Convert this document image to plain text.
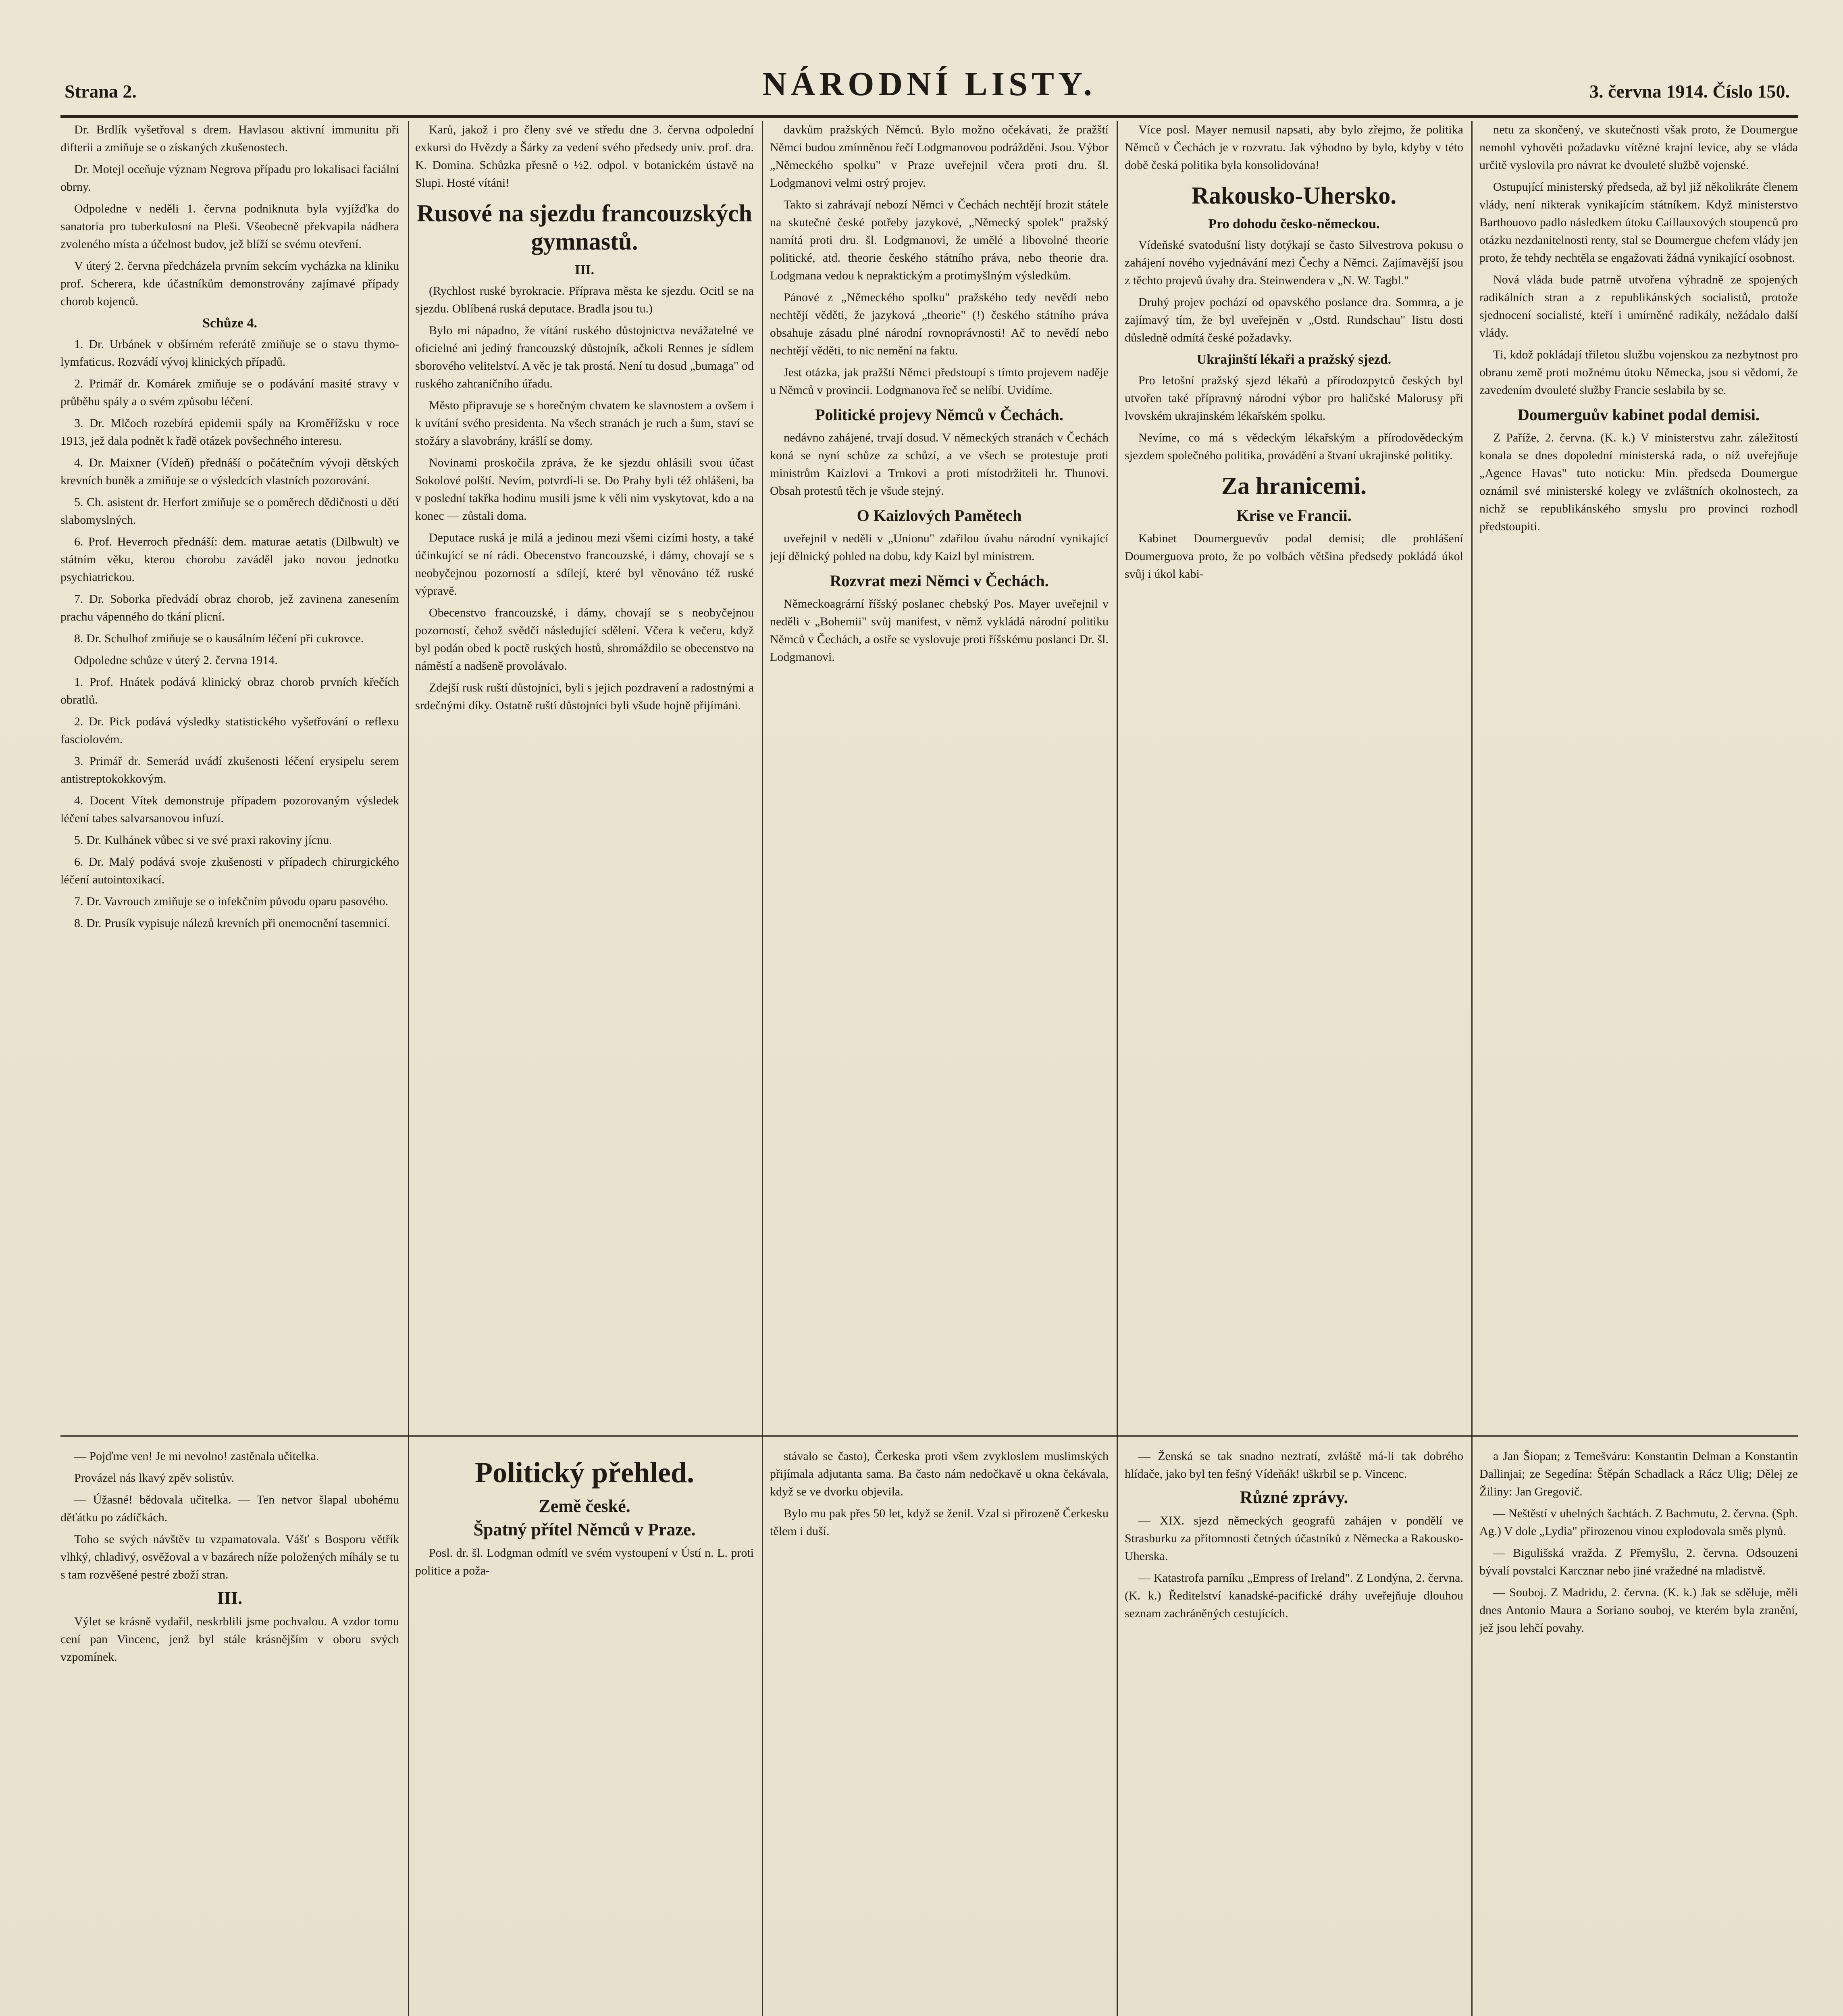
Strana 2.	NÁRODNÍ LISTY.	3. června 1914. Číslo 150.

Dr. Brdlík vyšetřoval s drem. Havlasou aktivní immunitu při difterii a zmiňuje se o získaných zkušenostech.

Dr. Motejl oceňuje význam Negrova případu pro lokalisaci faciální obrny.

Odpoledne v neděli 1. června podniknuta byla vyjížďka do sanatoria pro tuberkulosní na Pleši. Všeobecně překvapila nádhera zvoleného místa a účelnost budov, jež blíží se svému otevření.

V úterý 2. června předcházela prvním sekcím vycházka na kliniku prof. Scherera, kde účastníkům demonstrovány zajímavé případy chorob kojenců.

Schůze 4.

1. Dr. Urbánek v obšírném referátě zmiňuje se o stavu thymo-lymfaticus. Rozvádí vývoj klinických případů.

2. Primář dr. Komárek zmiňuje se o podávání masité stravy v průběhu spály a o svém způsobu léčení.

3. Dr. Mlčoch rozebírá epidemii spály na Kroměřížsku v roce 1913, jež dala podnět k řadě otázek povšechného interesu.

4. Dr. Maixner (Vídeň) přednáší o počátečním vývoji dětských krevních buněk a zmiňuje se o výsledcích vlastních pozorování.

5. Ch. asistent dr. Herfort zmiňuje se o poměrech dědičnosti u dětí slabomyslných.

6. Prof. Heverroch přednáší: dem. maturae aetatis (Dilbwult) ve státním věku, kterou chorobu zaváděl jako novou jednotku psychiatrickou.

7. Dr. Soborka předvádí obraz chorob, jež zavinena zanesením prachu vápenného do tkání plicní.

8. Dr. Schulhof zmiňuje se o kausálním léčení při cukrovce.

Odpoledne schůze v úterý 2. června 1914.

1. Prof. Hnátek podává klinický obraz chorob prvních křečích obratlů.

2. Dr. Pick podává výsledky statistického vyšetřování o reflexu fasciolovém.

3. Primář dr. Semerád uvádí zkušenosti léčení erysipelu serem antistreptokokkovým.

4. Docent Vítek demonstruje případem pozorovaným výsledek léčení tabes salvarsanovou infuzí.

5. Dr. Kulhánek vůbec si ve své praxi rakoviny jícnu.

6. Dr. Malý podává svoje zkušenosti v případech chirurgického léčení autointoxikací.

7. Dr. Vavrouch zmiňuje se o infekčním původu oparu pasového.

8. Dr. Prusík vypisuje nálezů krevních při onemocnění tasemnicí.

Karů, jakož i pro členy své ve středu dne 3. června odpolední exkursi do Hvězdy a Šárky za vedení svého předsedy univ. prof. dra. K. Domina. Schůzka přesně o ½2. odpol. v botanickém ústavě na Slupi. Hosté vítáni!

Rusové na sjezdu francouzských gymnastů.
III.

(Rychlost ruské byrokracie. Příprava města ke sjezdu. Ocitl se na sjezdu. Oblíbená ruská deputace. Bradla jsou tu.)

Bylo mi nápadno, že vítání ruského důstojnictva nevážatelné ve oficielné ani jediný francouzský důstojník, ačkoli Rennes je sídlem sborového velitelství. A věc je tak prostá. Není tu dosud „bumaga" od ruského zahraničního úřadu.

Město připravuje se s horečným chvatem ke slavnostem a ovšem i k uvítání svého presidenta. Na všech stranách je ruch a šum, staví se stožáry a slavobrány, krášlí se domy.

Novinami proskočila zpráva, že ke sjezdu ohlásili svou účast Sokolové polští. Nevím, potvrdí-li se. Do Prahy byli též ohlášeni, ba v poslední takřka hodinu musili jsme k věli nim vyskytovat, kdo a na konec — zůstali doma.

Deputace ruská je milá a jedinou mezi všemi cizími hosty, a také účinkující se ní rádi. Obecenstvo francouzské, i dámy, chovají se s neobyčejnou pozorností a sdílejí, které byl věnováno též ruské výpravě.

Obecenstvo francouzské, i dámy, chovají se s neobyčejnou pozorností, čehož svědčí následující sdělení. Včera k večeru, když byl podán obed k poctě ruských hostů, shromáždilo se obecenstvo na náměstí a nadšeně provolávalo.

Zdejší rusk ruští důstojníci, byli s jejich pozdravení a radostnými a srdečnými díky. Ostatně ruští důstojníci byli všude hojně přijímáni.

davkům pražských Němců. Bylo možno očekávati, že pražští Němci budou zmínněnou řečí Lodgmanovou podrážděni. Jsou. Výbor „Německého spolku" v Praze uveřejnil včera proti dru. šl. Lodgmanovi velmi ostrý projev.

Takto si zahrávají nebozí Němci v Čechách nechtějí hrozit státele na skutečné české potřeby jazykové, „Německý spolek" pražský namítá proti dru. šl. Lodgmanovi, že umělé a libovolné theorie politické, atd. theorie českého státního práva, nebo theorie dra. Lodgmana vedou k nepraktickým a protimyšlným výsledkům.

Pánové z „Německého spolku" pražského tedy nevědí nebo nechtějí věděti, že jazyková „theorie" (!) českého státního práva obsahuje zásadu plné národní rovnoprávnosti! Ač to nevědí nebo nechtějí věděti, to nic nemění na faktu.

Jest otázka, jak pražští Němci předstoupí s tímto projevem naděje u Němců v provincii. Lodgmanova řeč se nelíbí. Uvidíme.

Politické projevy Němců v Čechách.

nedávno zahájené, trvají dosud. V německých stranách v Čechách koná se nyní schůze za schůzí, a ve všech se protestuje proti ministrům Kaizlovi a Trnkovi a proti místodržiteli hr. Thunovi. Obsah protestů těch je všude stejný.

O Kaizlových Pamětech

uveřejnil v neděli v „Unionu" zdařilou úvahu národní vynikající její dělnický pohled na dobu, kdy Kaizl byl ministrem.

Rozvrat mezi Němci v Čechách.

Německoagrární říšský poslanec chebský Pos. Mayer uveřejnil v neděli v „Bohemii" svůj manifest, v němž vykládá národní politiku Němců v Čechách, a ostře se vyslovuje proti říšskému poslanci Dr. šl. Lodgmanovi.

Více posl. Mayer nemusil napsati, aby bylo zřejmo, že politika Němců v Čechách je v rozvratu. Jak výhodno by bylo, kdyby v této době česká politika byla konsolidována!

Rakousko-Uhersko.
Pro dohodu česko-německou.

Vídeňské svatodušní listy dotýkají se často Silvestrova pokusu o zahájení nového vyjednávání mezi Čechy a Němci. Zajímavější jsou z těchto projevů úvahy dra. Steinwendera v „N. W. Tagbl."

Druhý projev pochází od opavského poslance dra. Sommra, a je zajímavý tím, že byl uveřejněn v „Ostd. Rundschau" listu dosti důsledně odmítá české požadavky.

Ukrajinští lékaři a pražský sjezd.

Pro letošní pražský sjezd lékařů a přírodozpytců českých byl utvořen také přípravný národní výbor pro haličské Malorusy při lvovském ukrajinském lékařském spolku.

Nevíme, co má s vědeckým lékařským a přírodovědeckým sjezdem společného politika, provádění a štvaní ukrajinské politiky.

Za hranicemi.
Krise ve Francii.

Kabinet Doumerguevův podal demisi; dle prohlášení Doumerguova proto, že po volbách většina předsedy pokládá úkol svůj i úkol kabi-

netu za skončený, ve skutečnosti však proto, že Doumergue nemohl vyhověti požadavku vítězné krajní levice, aby se vláda určitě vyslovila pro návrat ke dvouleté službě vojenské.

Ostupující ministerský předseda, až byl již několikráte členem vlády, není nikterak vynikajícím státníkem. Když ministerstvo Barthouovo padlo následkem útoku Caillauxových stoupenců pro otázku nezdanitelnosti renty, stal se Doumergue chefem vlády jen proto, že tehdy nechtěla se engažovati žádná vynikající osobnost.

Nová vláda bude patrně utvořena výhradně ze spojených radikálních stran a z republikánských socialistů, protože sjednocení socialisté, kteří i umírněné radikály, nežádalo další vlády.

Ti, kdož pokládají třiletou službu vojenskou za nezbytnost pro obranu země proti možnému útoku Německa, jsou si vědomi, že zavedením dvouleté služby Francie seslabila by se.

Doumerguův kabinet podal demisi.

Z Paříže, 2. června. (K. k.) V ministerstvu zahr. záležitostí konala se dnes dopolední ministerská rada, o níž uveřejňuje „Agence Havas" tuto noticku: Min. předseda Doumergue oznámil své ministerské kolegy ve zvláštních okolnostech, za nichž se republikánského smyslu pro provinci rozhodl předstoupiti.

— Pojďme ven! Je mi nevolno! zastěnala učitelka.

Provázel nás lkavý zpěv solistův.

— Úžasné! bědovala učitelka. — Ten netvor šlapal ubohému děťátku po zádíčkách.

Toho se svých návštěv tu vzpamatovala. Vášť s Bosporu větřík vlhký, chladivý, osvěžoval a v bazárech níže položených míhály se tu s tam rozvěšené pestré zboží stran.

III.

Výlet se krásně vydařil, neskrblili jsme pochvalou. A vzdor tomu cení pan Vincenc, jenž byl stále krásnějším v oboru svých vzpomínek.

Politický přehled.
Země české.
Špatný přítel Němců v Praze.

Posl. dr. šl. Lodgman odmítl ve svém vystoupení v Ústí n. L. proti politice a poža-

stávalo se často), Čerkeska proti všem zvykloslem muslimských přijímala adjutanta sama. Ba často nám nedočkavě u okna čekávala, když se ve dvorku objevila.

Bylo mu pak přes 50 let, když se ženil. Vzal si přirozeně Čerkesku tělem i duší.

— Ženská se tak snadno neztratí, zvláště má-li tak dobrého hlídače, jako byl ten fešný Vídeňák! uškrbil se p. Vincenc.

Různé zprávy.

— XIX. sjezd německých geografů zahájen v pondělí ve Strasburku za přítomnosti četných účastníků z Německa a Rakousko-Uherska.

— Katastrofa parníku „Empress of Ireland". Z Londýna, 2. června. (K. k.) Ředitelství kanadské-pacifické dráhy uveřejňuje dlouhou seznam zachráněných cestujících.

a Jan Šiopan; z Temešváru: Konstantin Delman a Konstantin Dallinjai; ze Segedína: Štěpán Schadlack a Rácz Ulig; Dělej ze Žiliny: Jan Gregovič.

— Neštěstí v uhelných šachtách. Z Bachmutu, 2. června. (Sph. Ag.) V dole „Lydia" přirozenou vinou explodovala směs plynů.

— Bigulišská vražda. Z Přemyšlu, 2. června. Odsouzeni bývalí povstalci Karcznar nebo jiné vražedné na mladistvě.

— Souboj. Z Madridu, 2. června. (K. k.) Jak se sděluje, měli dnes Antonio Maura a Soriano souboj, ve kterém byla zranění, jež jsou lehčí povahy.
